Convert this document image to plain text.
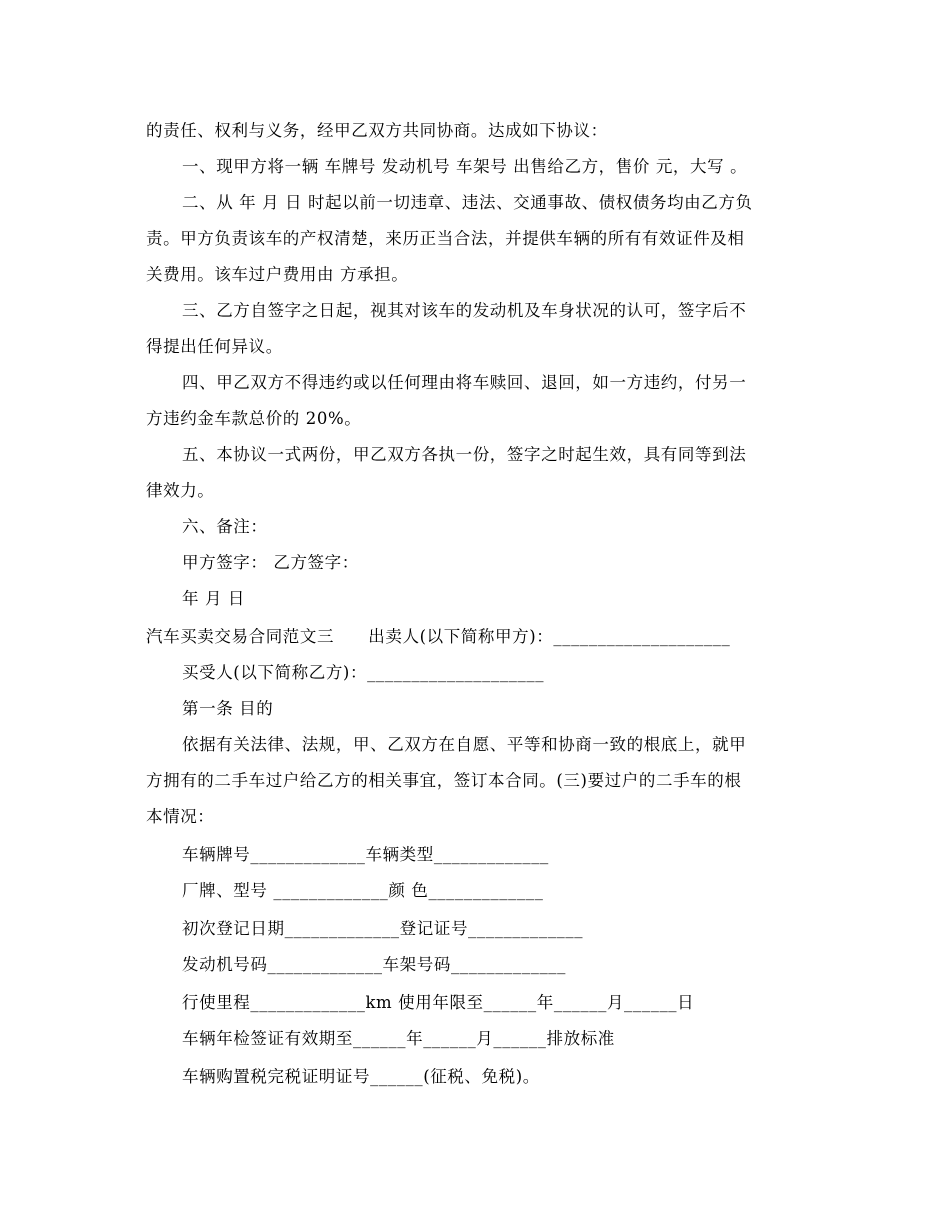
的责任、权利与义务，经甲乙双方共同协商。达成如下协议：
一、现甲方将一辆 车牌号 发动机号 车架号 出售给乙方，售价 元，大写 。
二、从 年 月 日 时起以前一切违章、违法、交通事故、债权债务均由乙方负
责。甲方负责该车的产权清楚，来历正当合法，并提供车辆的所有有效证件及相
关费用。该车过户费用由 方承担。
三、乙方自签字之日起，视其对该车的发动机及车身状况的认可，签字后不
得提出任何异议。
四、甲乙双方不得违约或以任何理由将车赎回、退回，如一方违约，付另一
方违约金车款总价的 20%。
五、本协议一式两份，甲乙双方各执一份，签字之时起生效，具有同等到法
律效力。
六、备注：
甲方签字： 乙方签字：
年 月 日
汽车买卖交易合同范文三　　出卖人(以下简称甲方)：____________________
买受人(以下简称乙方)：____________________
第一条 目的
依据有关法律、法规，甲、乙双方在自愿、平等和协商一致的根底上，就甲
方拥有的二手车过户给乙方的相关事宜，签订本合同。(三)要过户的二手车的根
本情况：
车辆牌号_____________车辆类型_____________
厂牌、型号 _____________颜 色_____________
初次登记日期_____________登记证号_____________
发动机号码_____________车架号码_____________
行使里程_____________km 使用年限至______年______月______日
车辆年检签证有效期至______年______月______排放标准
车辆购置税完税证明证号______(征税、免税)。
